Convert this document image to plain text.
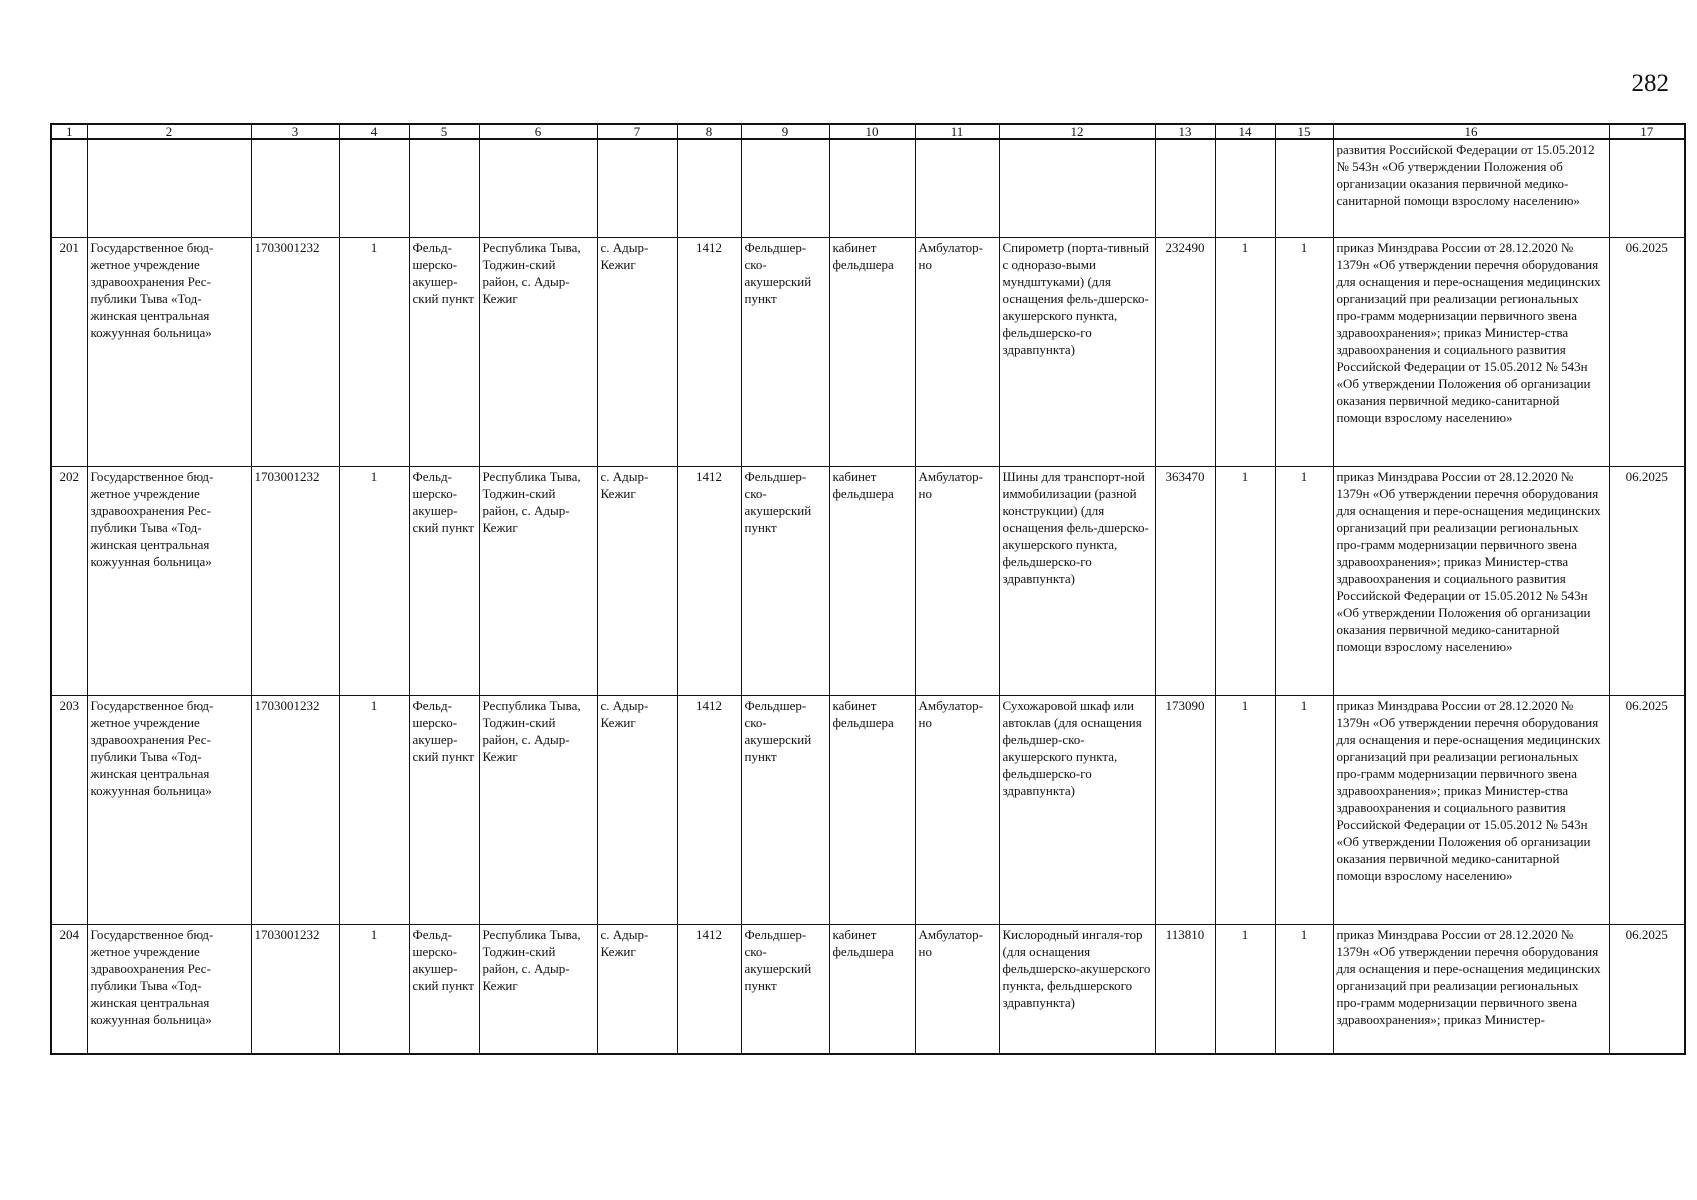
282
1	2	3	4	5	6	7	8	9	10	11	12	13	14	15	16	17
															развития Российской Федерации от 15.05.2012 № 543н «Об утверждении Положения об организации оказания первичной медико-санитарной помощи взрослому населению»	
201	Государственное бюд-жетное учреждение здравоохранения Рес-публики Тыва «Тод-жинская центральная кожуунная больница»	1703001232	1	Фельд-шерско-акушер-ский пункт	Республика Тыва, Тоджин-ский район, с. Адыр-Кежиг	с. Адыр-Кежиг	1412	Фельдшер-ско-акушерский пункт	кабинет фельдшера	Амбулатор-но	Спирометр (порта-тивный с одноразо-выми мундштуками) (для оснащения фель-дшерско-акушерского пункта, фельдшерско-го здравпункта)	232490	1	1	приказ Минздрава России от 28.12.2020 № 1379н «Об утверждении перечня оборудования для оснащения и пере-оснащения медицинских организаций при реализации региональных про-грамм модернизации первичного звена здравоохранения»; приказ Министер-ства здравоохранения и социального развития Российской Федерации от 15.05.2012 № 543н «Об утверждении Положения об организации оказания первичной медико-санитарной помощи взрослому населению»	06.2025
202	Государственное бюд-жетное учреждение здравоохранения Рес-публики Тыва «Тод-жинская центральная кожуунная больница»	1703001232	1	Фельд-шерско-акушер-ский пункт	Республика Тыва, Тоджин-ский район, с. Адыр-Кежиг	с. Адыр-Кежиг	1412	Фельдшер-ско-акушерский пункт	кабинет фельдшера	Амбулатор-но	Шины для транспорт-ной иммобилизации (разной конструкции) (для оснащения фель-дшерско-акушерского пункта, фельдшерско-го здравпункта)	363470	1	1	приказ Минздрава России от 28.12.2020 № 1379н «Об утверждении перечня оборудования для оснащения и пере-оснащения медицинских организаций при реализации региональных про-грамм модернизации первичного звена здравоохранения»; приказ Министер-ства здравоохранения и социального развития Российской Федерации от 15.05.2012 № 543н «Об утверждении Положения об организации оказания первичной медико-санитарной помощи взрослому населению»	06.2025
203	Государственное бюд-жетное учреждение здравоохранения Рес-публики Тыва «Тод-жинская центральная кожуунная больница»	1703001232	1	Фельд-шерско-акушер-ский пункт	Республика Тыва, Тоджин-ский район, с. Адыр-Кежиг	с. Адыр-Кежиг	1412	Фельдшер-ско-акушерский пункт	кабинет фельдшера	Амбулатор-но	Сухожаровой шкаф или автоклав (для оснащения фельдшер-ско-акушерского пункта, фельдшерско-го здравпункта)	173090	1	1	приказ Минздрава России от 28.12.2020 № 1379н «Об утверждении перечня оборудования для оснащения и пере-оснащения медицинских организаций при реализации региональных про-грамм модернизации первичного звена здравоохранения»; приказ Министер-ства здравоохранения и социального развития Российской Федерации от 15.05.2012 № 543н «Об утверждении Положения об организации оказания первичной медико-санитарной помощи взрослому населению»	06.2025
204	Государственное бюд-жетное учреждение здравоохранения Рес-публики Тыва «Тод-жинская центральная кожуунная больница»	1703001232	1	Фельд-шерско-акушер-ский пункт	Республика Тыва, Тоджин-ский район, с. Адыр-Кежиг	с. Адыр-Кежиг	1412	Фельдшер-ско-акушерский пункт	кабинет фельдшера	Амбулатор-но	Кислородный ингаля-тор (для оснащения фельдшерско-акушерского пункта, фельдшерского здравпункта)	113810	1	1	приказ Минздрава России от 28.12.2020 № 1379н «Об утверждении перечня оборудования для оснащения и пере-оснащения медицинских организаций при реализации региональных про-грамм модернизации первичного звена здравоохранения»; приказ Министер-	06.2025
